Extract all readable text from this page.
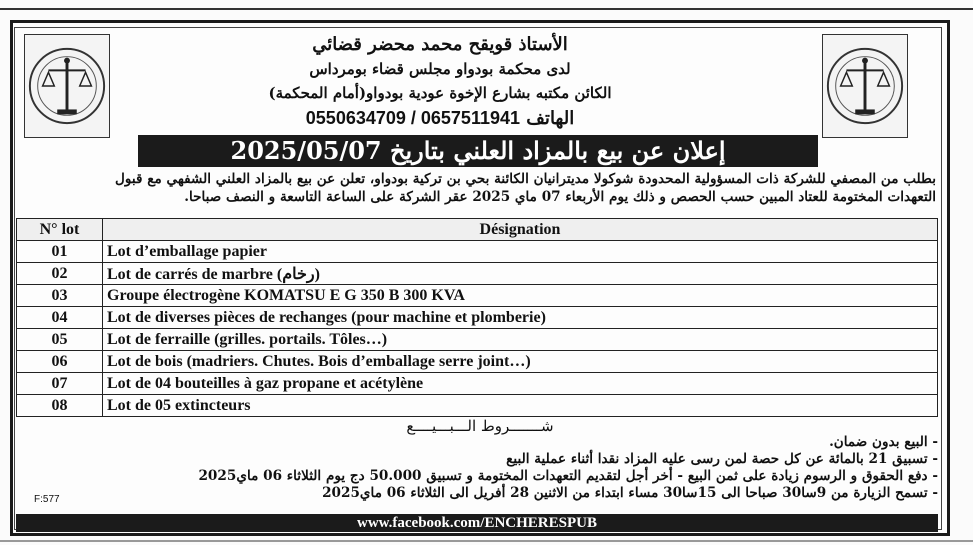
الأستاذ قويقح محمد محضر قضائي
لدى محكمة بودواو مجلس قضاء بومرداس
الكائن مكتبه بشارع الإخوة عودية بودواو(أمام المحكمة)
الهاتف 0550634709 / 0657511941
إعلان عن بيع بالمزاد العلني بتاريخ 2025/05/07

بطلب من المصفي للشركة ذات المسؤولية المحدودة شوكولا مديترانيان الكائنة بحي بن تركية بودواو، تعلن عن بيع بالمزاد العلني الشفهي مع قبول

التعهدات المختومة للعتاد المبين حسب الحصص و ذلك يوم الأربعاء 07 ماي 2025 عقر الشركة على الساعة التاسعة و النصف صباحا.

N° lot	Désignation
01	Lot d’emballage papier
02	Lot de carrés de marbre (رخام)
03	Groupe électrogène KOMATSU E G 350 B 300 KVA
04	Lot de diverses pièces de rechanges (pour machine et plomberie)
05	Lot de ferraille (grilles. portails. Tôles…)
06	Lot de bois (madriers. Chutes. Bois d’emballage serre joint…)
07	Lot de 04 bouteilles à gaz propane et acétylène
08	Lot de 05 extincteurs
شـــــــروط الـــبـــيــــع
- البيع بدون ضمان.
- تسبيق 21 بالمائة عن كل حصة لمن رسى عليه المزاد نقدا أثناء عملية البيع
- دفع الحقوق و الرسوم زيادة على ثمن البيع - أخر أجل لتقديم التعهدات المختومة و تسبيق 50.000 دج يوم الثلاثاء 06 ماي2025
- تسمح الزيارة من 9سا30 صباحا الى 15سا30 مساء ابتداء من الاثنين 28 أفريل الى الثلاثاء 06 ماي2025
F:577
www.facebook.com/ENCHERESPUB
